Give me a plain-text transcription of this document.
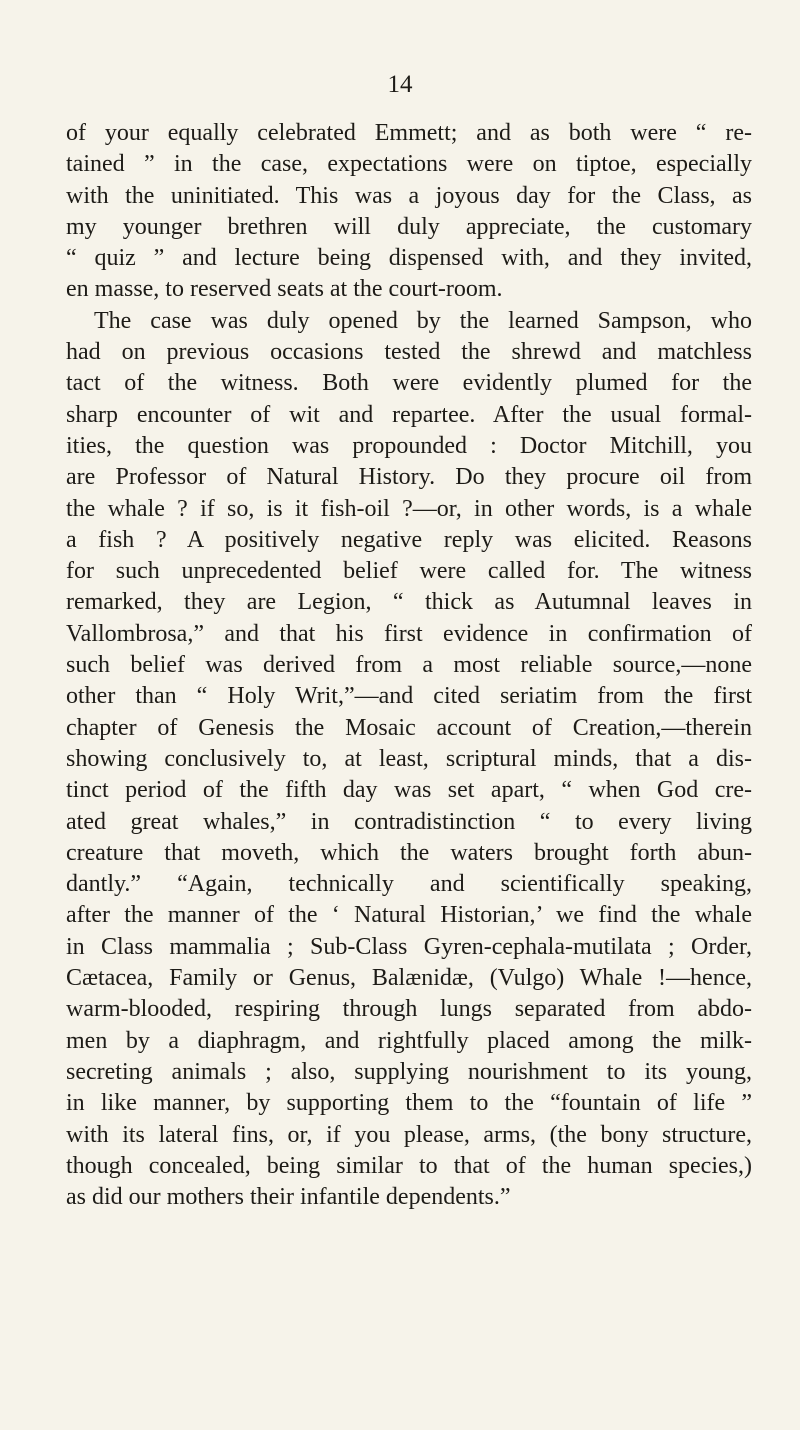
14
of your equally celebrated Emmett; and as both were “ re-
tained ” in the case, expectations were on tiptoe, especially
with the uninitiated. This was a joyous day for the Class, as
my younger brethren will duly appreciate, the customary
“ quiz ” and lecture being dispensed with, and they invited,
en masse, to reserved seats at the court-room.
The case was duly opened by the learned Sampson, who
had on previous occasions tested the shrewd and matchless
tact of the witness. Both were evidently plumed for the
sharp encounter of wit and repartee. After the usual formal-
ities, the question was propounded : Doctor Mitchill, you
are Professor of Natural History. Do they procure oil from
the whale ? if so, is it fish-oil ?—or, in other words, is a whale
a fish ? A positively negative reply was elicited. Reasons
for such unprecedented belief were called for. The witness
remarked, they are Legion, “ thick as Autumnal leaves in
Vallombrosa,” and that his first evidence in confirmation of
such belief was derived from a most reliable source,—none
other than “ Holy Writ,”—and cited seriatim from the first
chapter of Genesis the Mosaic account of Creation,—therein
showing conclusively to, at least, scriptural minds, that a dis-
tinct period of the fifth day was set apart, “ when God cre-
ated great whales,” in contradistinction “ to every living
creature that moveth, which the waters brought forth abun-
dantly.” “Again, technically and scientifically speaking,
after the manner of the ‘ Natural Historian,’ we find the whale
in Class mammalia ; Sub-Class Gyren-cephala-mutilata ; Order,
Cætacea, Family or Genus, Balænidæ, (Vulgo) Whale !—hence,
warm-blooded, respiring through lungs separated from abdo-
men by a diaphragm, and rightfully placed among the milk-
secreting animals ; also, supplying nourishment to its young,
in like manner, by supporting them to the “fountain of life ”
with its lateral fins, or, if you please, arms, (the bony structure,
though concealed, being similar to that of the human species,)
as did our mothers their infantile dependents.”
